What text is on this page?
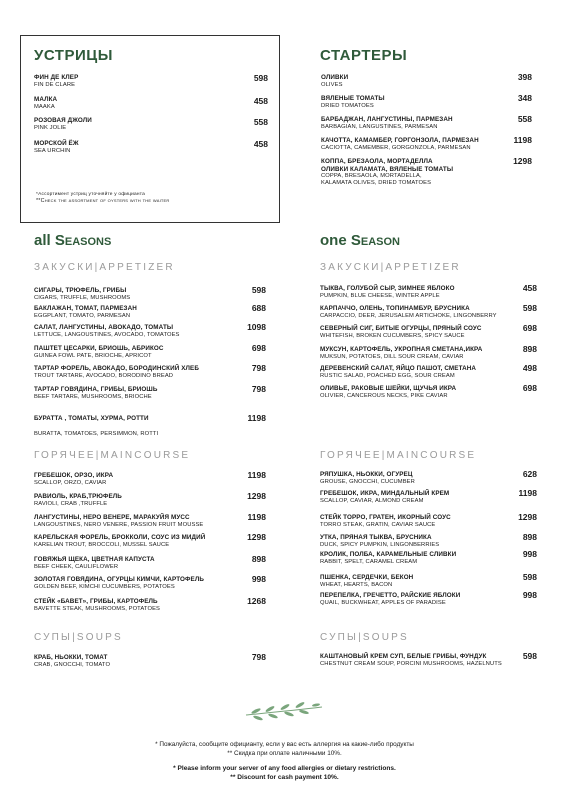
УСТРИЦЫ
ФИН ДЕ КЛЕР
FIN DE CLARE
598
МАЛКА
MAAKA
458
РОЗОВАЯ ДЖОЛИ
PINK JOLIE
558
МОРСКОЙ ЁЖ
SEA URCHIN
458
*Ассортимент устриц уточняйте у официанта
**Check the assortment of oysters with the waiter
СТАРТЕРЫ
ОЛИВКИ
OLIVES
398
ВЯЛЕНЫЕ ТОМАТЫ
DRIED TOMATOES
348
БАРБАДЖАН, ЛАНГУСТИНЫ, ПАРМЕЗАН
BARBAGIAN, LANGUSTINES, PARMESAN
558
КАЧОТТА, КАМАМБЕР, ГОРГОНЗОЛА, ПАРМЕЗАН
CACIOTTA, CAMEMBER, GORGONZOLA, PARMESAN
1198
КОППА, БРЕЗАОЛА, МОРТАДЕЛЛА
ОЛИВКИ КАЛАМАТА, ВЯЛЕНЫЕ ТОМАТЫ
COPPA, BRESAOLA, MORTADELLA,
KALAMATA OLIVES, DRIED TOMATOES
1298
all SEASONS
ЗАКУСКИ|APPETIZER
СИГАРЫ, ТРЮФЕЛЬ, ГРИБЫ
CIGARS, TRUFFLE, MUSHROOMS
598
БАКЛАЖАН, ТОМАТ, ПАРМЕЗАН
EGGPLANT, TOMATO, PARMESAN
688
САЛАТ, ЛАНГУСТИНЫ, АВОКАДО, ТОМАТЫ
LETTUCE, LANGOUSTINES, AVOCADO, TOMATOES
1098
ПАШТЕТ ЦЕСАРКИ, БРИОШЬ, АБРИКОС
GUINEA FOWL PATE, BRIOCHE, APRICOT
698
ТАРТАР ФОРЕЛЬ, АВОКАДО, БОРОДИНСКИЙ ХЛЕБ
TROUT TARTARE, AVOCADO, BORODINO BREAD
798
ТАРТАР ГОВЯДИНА, ГРИБЫ, БРИОШЬ
BEEF TARTARE, MUSHROOMS, BRIOCHE
798
БУРАТТА , ТОМАТЫ, ХУРМА, РОТТИ
BURATTA, TOMATOES, PERSIMMON, ROTTI
1198
ГОРЯЧЕЕ|MAINCOURSE
ГРЕБЕШОК, ОРЗО, ИКРА
SCALLOP, ORZO, CAVIAR
1198
РАВИОЛЬ, КРАБ,ТРЮФЕЛЬ
RAVIOLI, CRAB ,TRUFFLE
1298
ЛАНГУСТИНЫ, НЕРО ВЕНЕРЕ, МАРАКУЙЯ МУСС
LANGOUSTINES, NERO VENERE, PASSION FRUIT MOUSSE
1198
КАРЕЛЬСКАЯ ФОРЕЛЬ, БРОККОЛИ, СОУС ИЗ МИДИЙ
KARELIAN TROUT, BROCCOLI, MUSSEL SAUCE
1298
ГОВЯЖЬЯ ЩЕКА, ЦВЕТНАЯ КАПУСТА
BEEF CHEEK, CAULIFLOWER
898
ЗОЛОТАЯ ГОВЯДИНА, ОГУРЦЫ КИМЧИ, КАРТОФЕЛЬ
GOLDEN BEEF, KIMCHI CUCUMBERS, POTATOES
998
СТЕЙК «БАВЕТ», ГРИБЫ, КАРТОФЕЛЬ
BAVETTE STEAK, MUSHROOMS, POTATOES
1268
СУПЫ|SOUPS
КРАБ, НЬОККИ, ТОМАТ
CRAB, GNOCCHI, TOMATO
798
one SEASON
ЗАКУСКИ|APPETIZER
ТЫКВА, ГОЛУБОЙ СЫР, ЗИМНЕЕ ЯБЛОКО
PUMPKIN, BLUE CHEESE, WINTER APPLE
458
КАРПАЧЧО, ОЛЕНЬ, ТОПИНАМБУР, БРУСНИКА
CARPACCIO, DEER, JERUSALEM ARTICHOKE, LINGONBERRY
598
СЕВЕРНЫЙ СИГ, БИТЫЕ ОГУРЦЫ, ПРЯНЫЙ СОУС
WHITEFISH, BROKEN CUCUMBERS, SPICY SAUCE
698
МУКСУН, КАРТОФЕЛЬ, УКРОПНАЯ СМЕТАНА,ИКРА
MUKSUN, POTATOES, DILL SOUR CREAM, CAVIAR
898
ДЕРЕВЕНСКИЙ САЛАТ, ЯЙЦО ПАШОТ, СМЕТАНА
RUSTIC SALAD, POACHED EGG, SOUR CREAM
498
ОЛИВЬЕ, РАКОВЫЕ ШЕЙКИ, ЩУЧЬЯ ИКРА
OLIVIER, CANCEROUS NECKS, PIKE CAVIAR
698
ГОРЯЧЕЕ|MAINCOURSE
РЯПУШКА, НЬОККИ, ОГУРЕЦ
GROUSE, GNOCCHI, CUCUMBER
628
ГРЕБЕШОК, ИКРА, МИНДАЛЬНЫЙ КРЕМ
SCALLOP, CAVIAR, ALMOND CREAM
1198
СТЕЙК ТОРРО, ГРАТЕН, ИКОРНЫЙ СОУС
TORRO STEAK, GRATIN, CAVIAR SAUCE
1298
УТКА, ПРЯНАЯ ТЫКВА, БРУСНИКА
DUCK, SPICY PUMPKIN, LINGONBERRIES
898
КРОЛИК, ПОЛБА, КАРАМЕЛЬНЫЕ СЛИВКИ
RABBIT, SPELT, CARAMEL CREAM
998
ПШЕНКА, СЕРДЕЧКИ, БЕКОН
WHEAT, HEARTS, BACON
598
ПЕРЕПЕЛКА, ГРЕЧЕТТО, РАЙСКИЕ ЯБЛОКИ
QUAIL, BUCKWHEAT, APPLES OF PARADISE
998
СУПЫ|SOUPS
КАШТАНОВЫЙ КРЕМ СУП, БЕЛЫЕ ГРИБЫ, ФУНДУК
CHESTNUT CREAM SOUP, PORCINI MUSHROOMS, HAZELNUTS
598
* Пожалуйста, сообщите официанту, если у вас есть аллергия на какие-либо продукты
** Скидка при оплате наличными 10%.
* Please inform your server of any food allergies or dietary restrictions.
** Discount for cash payment 10%.
